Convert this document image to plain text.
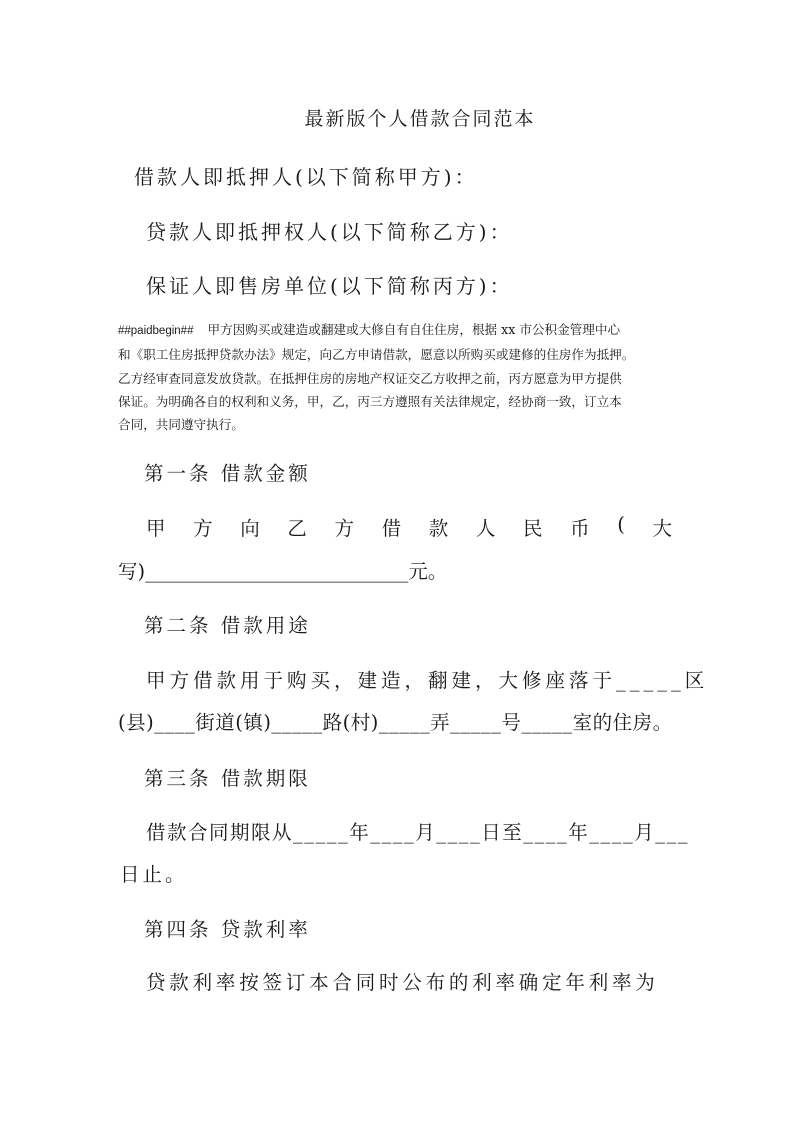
最新版个人借款合同范本
借款人即抵押人(以下简称甲方)：
贷款人即抵押权人(以下简称乙方)：
保证人即售房单位(以下简称丙方)：
##paidbegin## 甲方因购买或建造或翻建或大修自有自住住房，根据 xx 市公积金管理中心
和《职工住房抵押贷款办法》规定，向乙方申请借款，愿意以所购买或建修的住房作为抵押。
乙方经审查同意发放贷款。在抵押住房的房地产权证交乙方收押之前，丙方愿意为甲方提供
保证。为明确各自的权利和义务，甲，乙，丙三方遵照有关法律规定，经协商一致，订立本
合同，共同遵守执行。
第一条 借款金额
甲 方 向 乙 方 借 款 人 民 币 ( 大
写)___________________________元。
第二条 借款用途
甲方借款用于购买，建造，翻建，大修座落于_____区
(县)____街道(镇)_____路(村)_____弄_____号_____室的住房。
第三条 借款期限
借款合同期限从_____年____月____日至____年____月___
日止。
第四条 贷款利率
贷款利率按签订本合同时公布的利率确定年利率为
